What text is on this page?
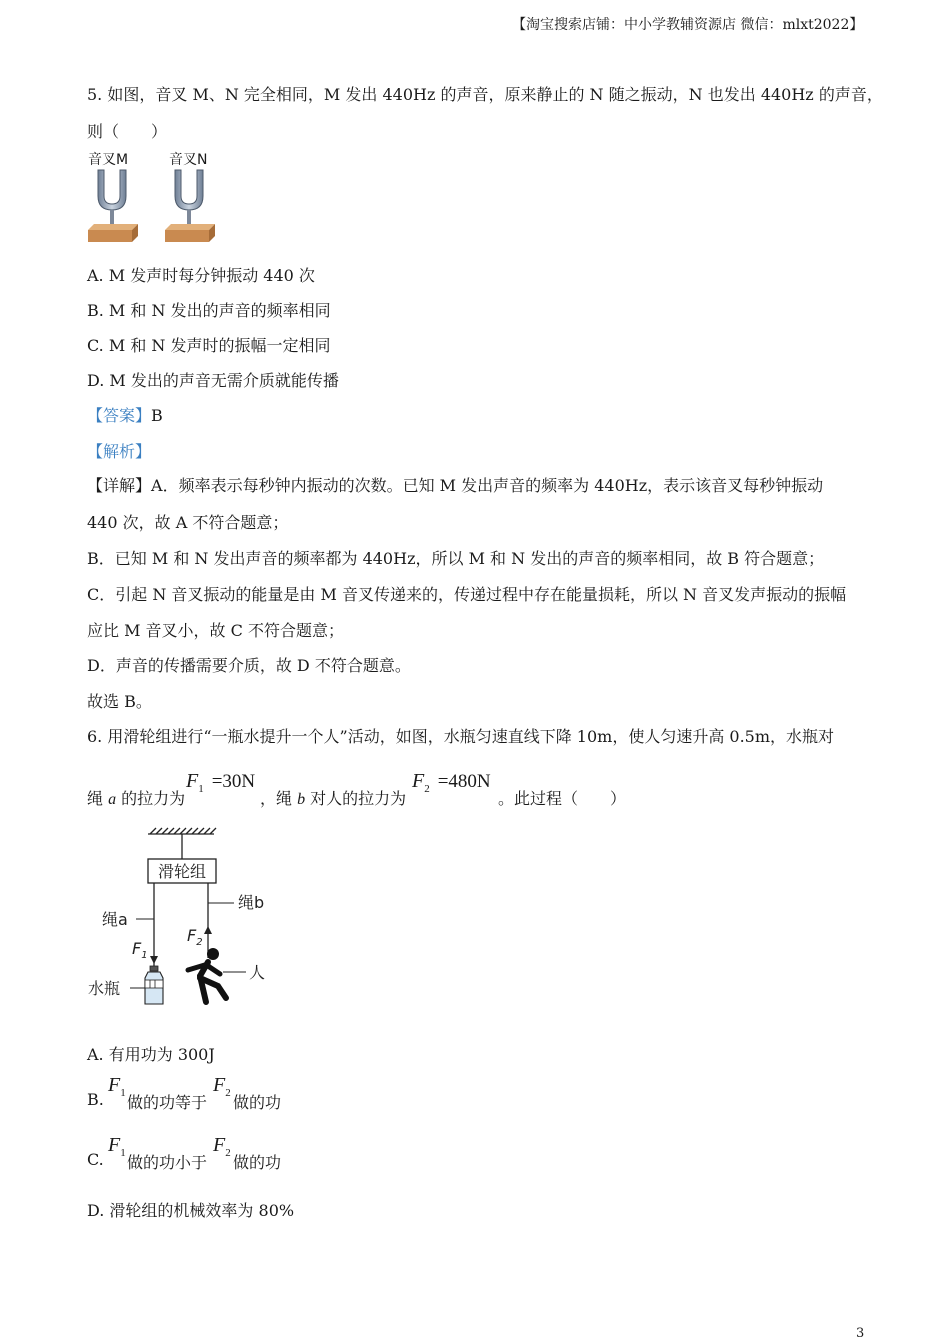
【淘宝搜索店铺：中小学教辅资源店 微信：mlxt2022】
5. 如图，音叉 M、N 完全相同，M 发出 440Hz 的声音，原来静止的 N 随之振动，N 也发出 440Hz 的声音，
则（　　）
音叉M	音叉N
A. M 发声时每分钟振动 440 次
B. M 和 N 发出的声音的频率相同
C. M 和 N 发声时的振幅一定相同
D. M 发出的声音无需介质就能传播
【答案】B
【解析】
【详解】A．频率表示每秒钟内振动的次数。已知 M 发出声音的频率为 440Hz，表示该音叉每秒钟振动
440 次，故 A 不符合题意；
B．已知 M 和 N 发出声音的频率都为 440Hz，所以 M 和 N 发出的声音的频率相同，故 B 符合题意；
C．引起 N 音叉振动的能量是由 M 音叉传递来的，传递过程中存在能量损耗，所以 N 音叉发声振动的振幅
应比 M 音叉小，故 C 不符合题意；
D．声音的传播需要介质，故 D 不符合题意。
故选 B。
6. 用滑轮组进行“一瓶水提升一个人”活动，如图，水瓶匀速直线下降 10m，使人匀速升高 0.5m，水瓶对
绳 a 的拉力为
$F_1 =30N$
，绳 b 对人的拉力为
$F_2 =480N$
。此过程（　　）
滑轮组
绳a
绳b
$F_1$
$F_2$
水瓶
人
A. 有用功为 300J
B.
$F_1$ 做的功等于
$F_2$ 做的功
C.
$F_1$ 做的功小于
$F_2$ 做的功
D. 滑轮组的机械效率为 80%
3
